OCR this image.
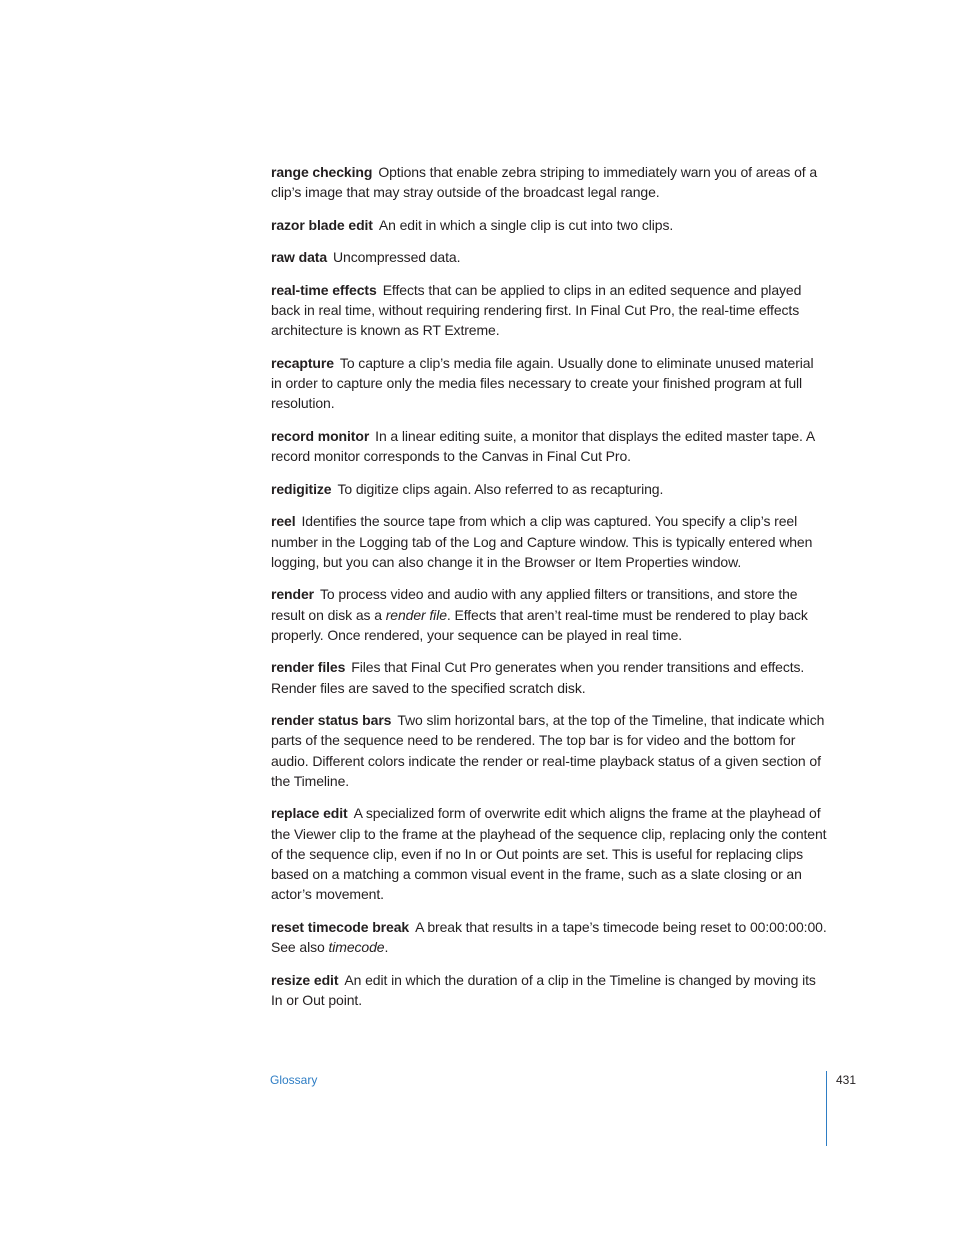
range checking Options that enable zebra striping to immediately warn you of areas of a clip’s image that may stray outside of the broadcast legal range.

razor blade edit An edit in which a single clip is cut into two clips.

raw data Uncompressed data.

real-time effects Effects that can be applied to clips in an edited sequence and played back in real time, without requiring rendering first. In Final Cut Pro, the real-time effects architecture is known as RT Extreme.

recapture To capture a clip’s media file again. Usually done to eliminate unused material in order to capture only the media files necessary to create your finished program at full resolution.

record monitor In a linear editing suite, a monitor that displays the edited master tape. A record monitor corresponds to the Canvas in Final Cut Pro.

redigitize To digitize clips again. Also referred to as recapturing.

reel Identifies the source tape from which a clip was captured. You specify a clip’s reel number in the Logging tab of the Log and Capture window. This is typically entered when logging, but you can also change it in the Browser or Item Properties window.

render To process video and audio with any applied filters or transitions, and store the result on disk as a render file. Effects that aren’t real-time must be rendered to play back properly. Once rendered, your sequence can be played in real time.

render files Files that Final Cut Pro generates when you render transitions and effects. Render files are saved to the specified scratch disk.

render status bars Two slim horizontal bars, at the top of the Timeline, that indicate which parts of the sequence need to be rendered. The top bar is for video and the bottom for audio. Different colors indicate the render or real-time playback status of a given section of the Timeline.

replace edit A specialized form of overwrite edit which aligns the frame at the playhead of the Viewer clip to the frame at the playhead of the sequence clip, replacing only the content of the sequence clip, even if no In or Out points are set. This is useful for replacing clips based on a matching a common visual event in the frame, such as a slate closing or an actor’s movement.

reset timecode break A break that results in a tape’s timecode being reset to 00:00:00:00. See also timecode.

resize edit An edit in which the duration of a clip in the Timeline is changed by moving its In or Out point.

Glossary	431
